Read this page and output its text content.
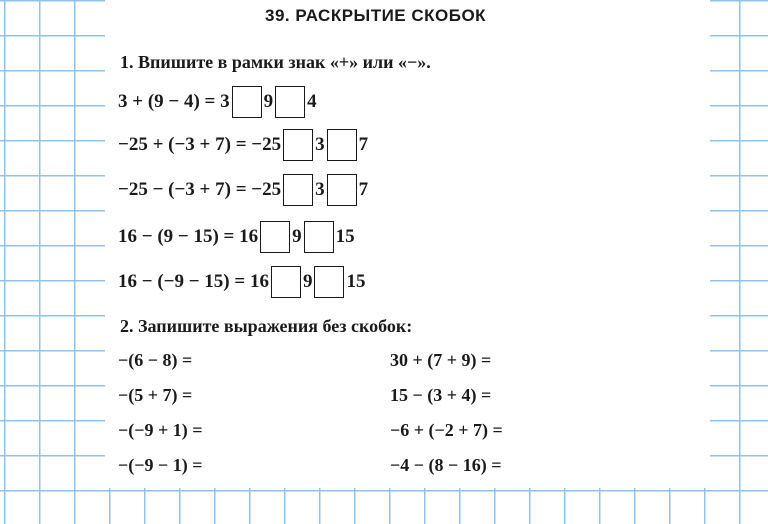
39. РАСКРЫТИЕ СКОБОК
1. Впишите в рамки знак «+» или «−».
3 + (9 − 4) = 3 9 4
−25 + (−3 + 7) = −25 3 7
−25 − (−3 + 7) = −25 3 7
16 − (9 − 15) = 16 9 15
16 − (−9 − 15) = 16 9 15
2. Запишите выражения без скобок:
−(6 − 8) =
−(5 + 7) =
−(−9 + 1) =
−(−9 − 1) =
30 + (7 + 9) =
15 − (3 + 4) =
−6 + (−2 + 7) =
−4 − (8 − 16) =
